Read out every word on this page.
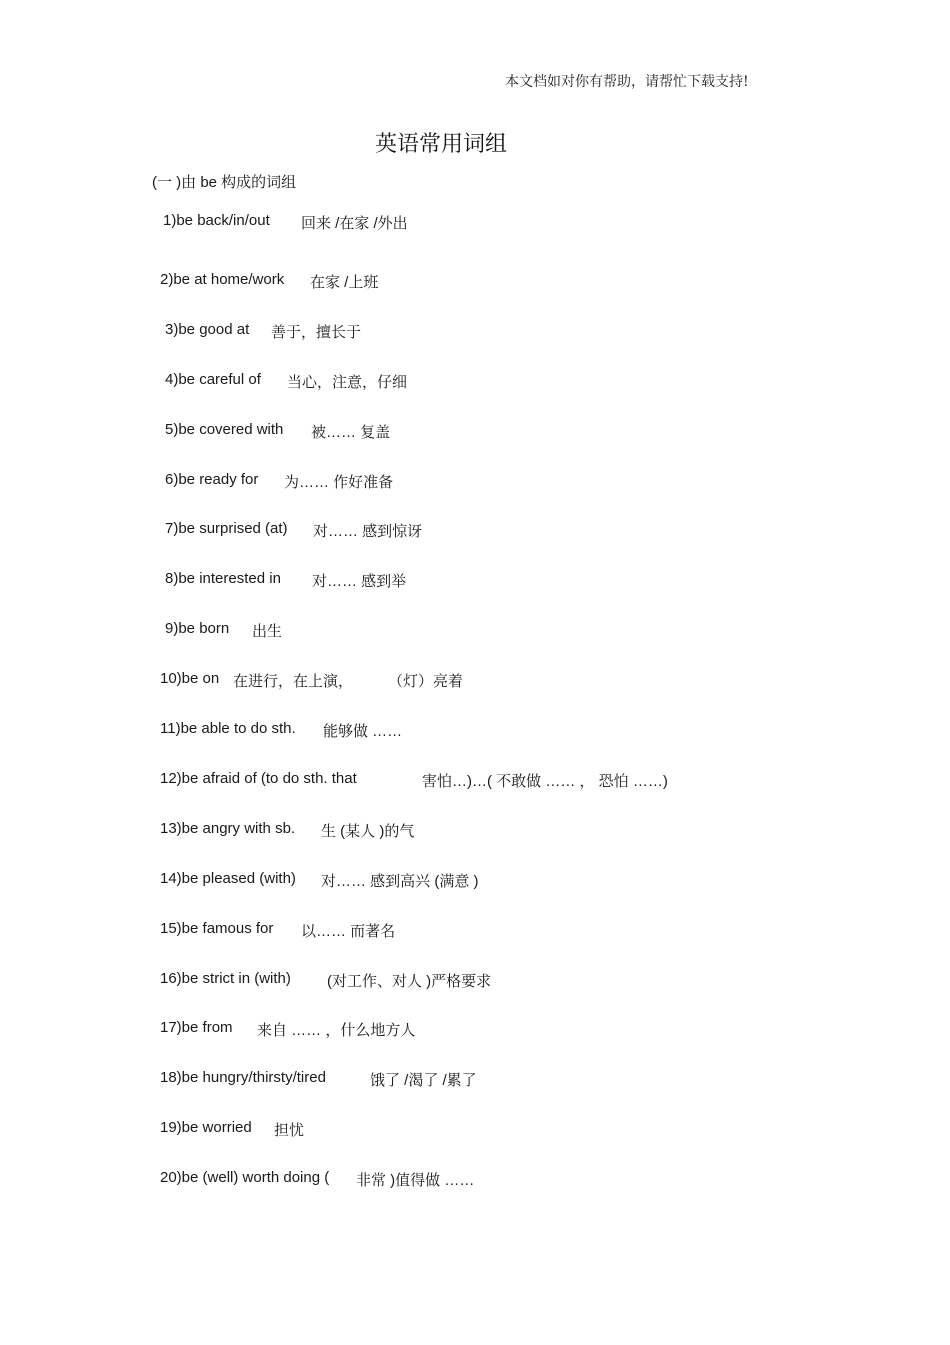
本文档如对你有帮助，请帮忙下载支持!
英语常用词组
(一 )由 be 构成的词组
1)be back/in/out 回来 /在家 /外出
2)be at home/work 在家 /上班
3)be good at 善于，擅长于
4)be careful of 当心，注意，仔细
5)be covered with 被…… 复盖
6)be ready for 为…… 作好准备
7)be surprised (at) 对…… 感到惊讶
8)be interested in 对…… 感到举
9)be born 出生
10)be on 在进行，在上演， （灯）亮着
11)be able to do sth. 能够做 ……
12)be afraid of (to do sth. that	害怕…)…( 不敢做 …… ， 恐怕 ……)
13)be angry with sb. 生 (某人 )的气
14)be pleased (with) 对…… 感到高兴 (满意 )
15)be famous for 以…… 而著名
16)be strict in (with) (对工作、对人 )严格要求
17)be from 来自 …… ，什么地方人
18)be hungry/thirsty/tired	饿了 /渴了 /累了
19)be worried 担忧
20)be (well) worth doing ( 非常 )值得做 ……
